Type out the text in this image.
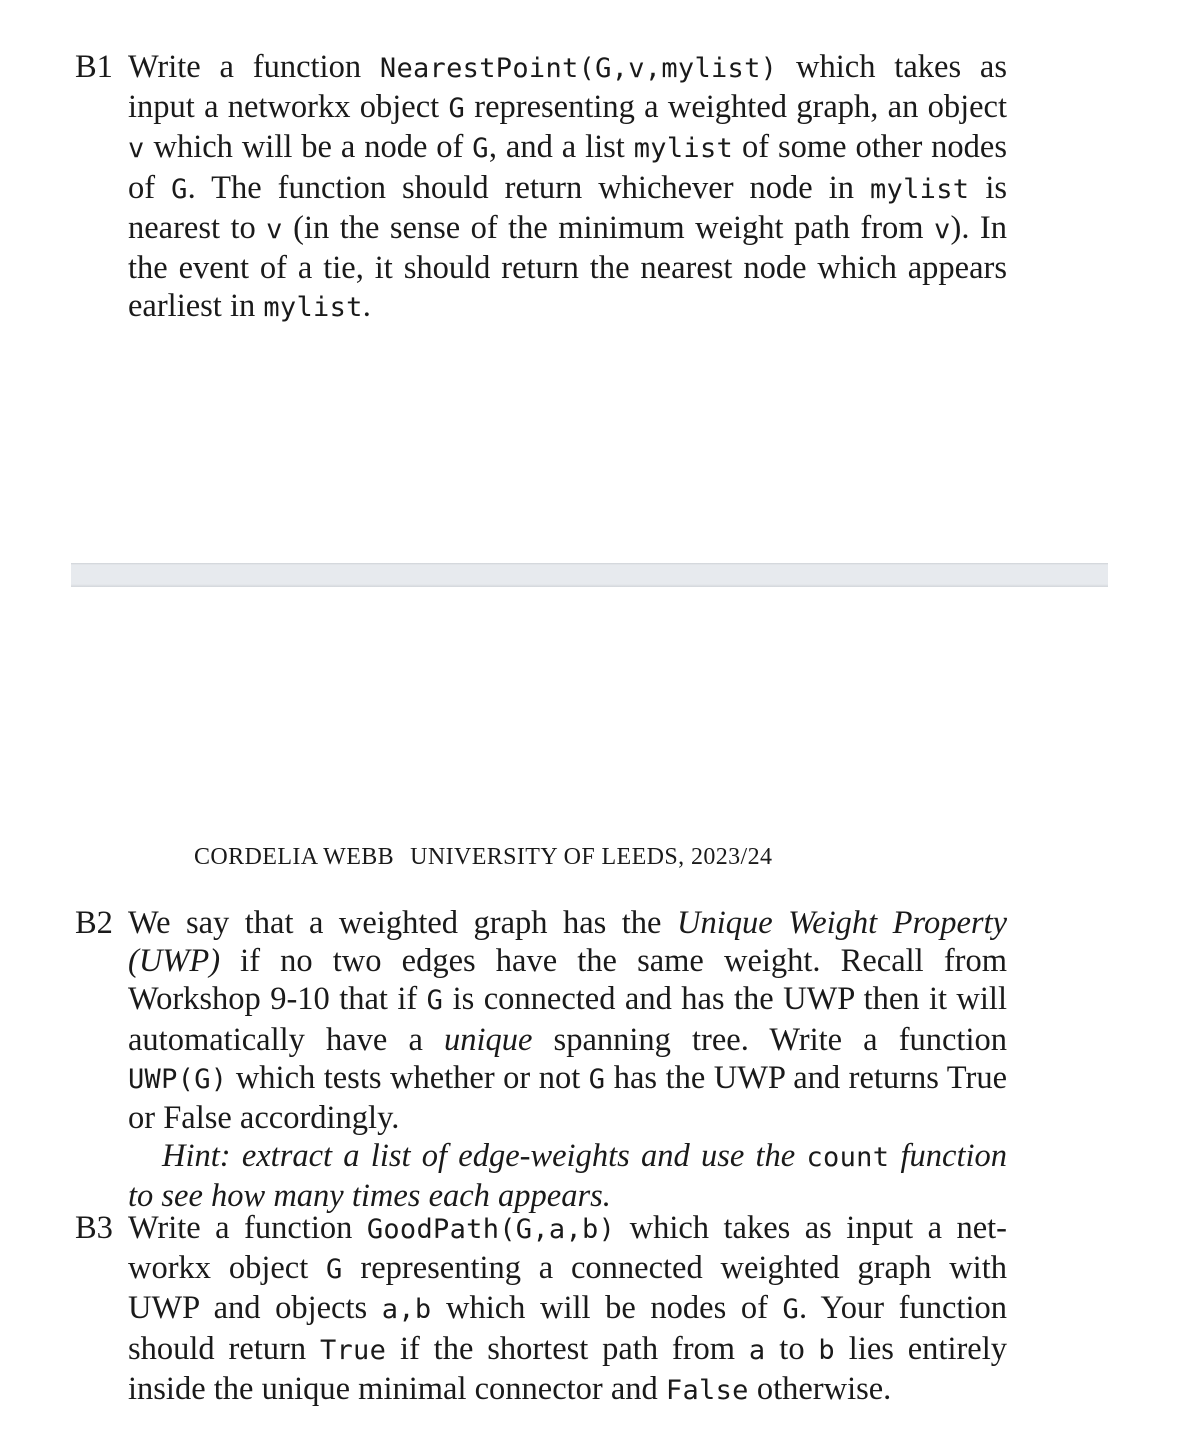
B1 Write a function NearestPoint(G,v,mylist) which takes as input a networkx object G representing a weighted graph, an object v which will be a node of G, and a list mylist of some other nodes of G. The function should return whichever node in mylist is nearest to v (in the sense of the minimum weight path from v). In the event of a tie, it should return the nearest node which appears earliest in mylist.
CORDELIA WEBB UNIVERSITY OF LEEDS, 2023/24
B2 We say that a weighted graph has the Unique Weight Property (UWP) if no two edges have the same weight. Recall from Workshop 9-10 that if G is connected and has the UWP then it will automatically have a unique spanning tree. Write a function UWP(G) which tests whether or not G has the UWP and returns True or False accordingly.

Hint: extract a list of edge-weights and use the count function to see how many times each appears.

B3 Write a function GoodPath(G,a,b) which takes as input a networkx object G representing a connected weighted graph with UWP and objects a,b which will be nodes of G. Your function should return True if the shortest path from a to b lies entirely inside the unique minimal connector and False otherwise.
